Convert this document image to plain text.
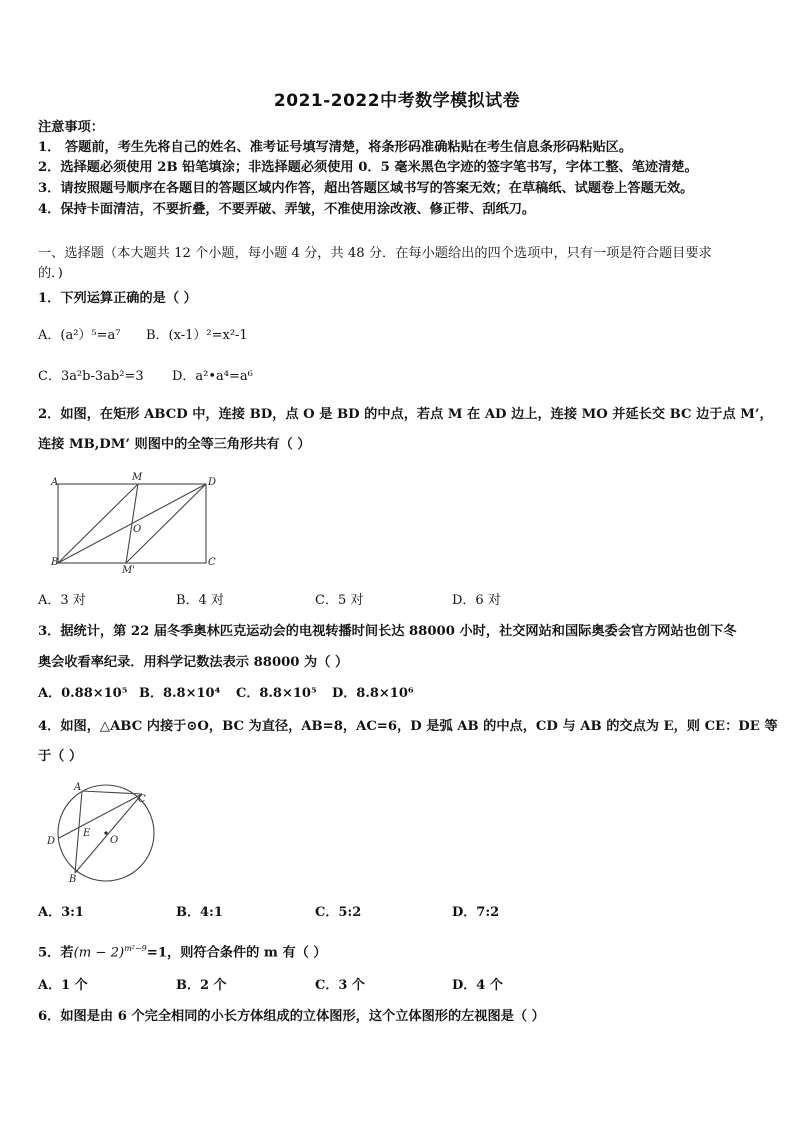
2021-2022中考数学模拟试卷
注意事项：
1． 答题前，考生先将自己的姓名、准考证号填写清楚，将条形码准确粘贴在考生信息条形码粘贴区。
2．选择题必须使用 2B 铅笔填涂；非选择题必须使用 0．5 毫米黑色字迹的签字笔书写，字体工整、笔迹清楚。
3．请按照题号顺序在各题目的答题区域内作答，超出答题区域书写的答案无效；在草稿纸、试题卷上答题无效。
4．保持卡面清洁，不要折叠，不要弄破、弄皱，不准使用涂改液、修正带、刮纸刀。
一、选择题（本大题共 12 个小题，每小题 4 分，共 48 分．在每小题给出的四个选项中，只有一项是符合题目要求
的．)
1．下列运算正确的是（ ）
A．(a²）⁵=a⁷ B．(x-1）²=x²-1
C．3a²b-3ab²=3 D．a²•a⁴=a⁶
2．如图，在矩形 ABCD 中，连接 BD，点 O 是 BD 的中点，若点 M 在 AD 边上，连接 MO 并延长交 BC 边于点 M’，
连接 MB,DM’ 则图中的全等三角形共有（ ）
A	M	D
O
B
M'
C
A．3 对	B．4 对	C．5 对	D．6 对
3．据统计，第 22 届冬季奥林匹克运动会的电视转播时间长达 88000 小时，社交网站和国际奥委会官方网站也创下冬
奥会收看率纪录．用科学记数法表示 88000 为（ ）
A．0.88×10⁵ B．8.8×10⁴ C．8.8×10⁵ D．8.8×10⁶
4．如图，△ABC 内接于⊙O，BC 为直径，AB=8，AC=6，D 是弧 AB 的中点，CD 与 AB 的交点为 E，则 CE：DE 等
于（ ）
A
C
D
E
O
B
A．3:1	B．4:1	C．5:2	D．7:2
5．若$(m - 2)^{m^2-9}=1$，则符合条件的 m 有（ ）
A．1 个	B．2 个	C．3 个	D．4 个
6．如图是由 6 个完全相同的小长方体组成的立体图形，这个立体图形的左视图是（ ）
